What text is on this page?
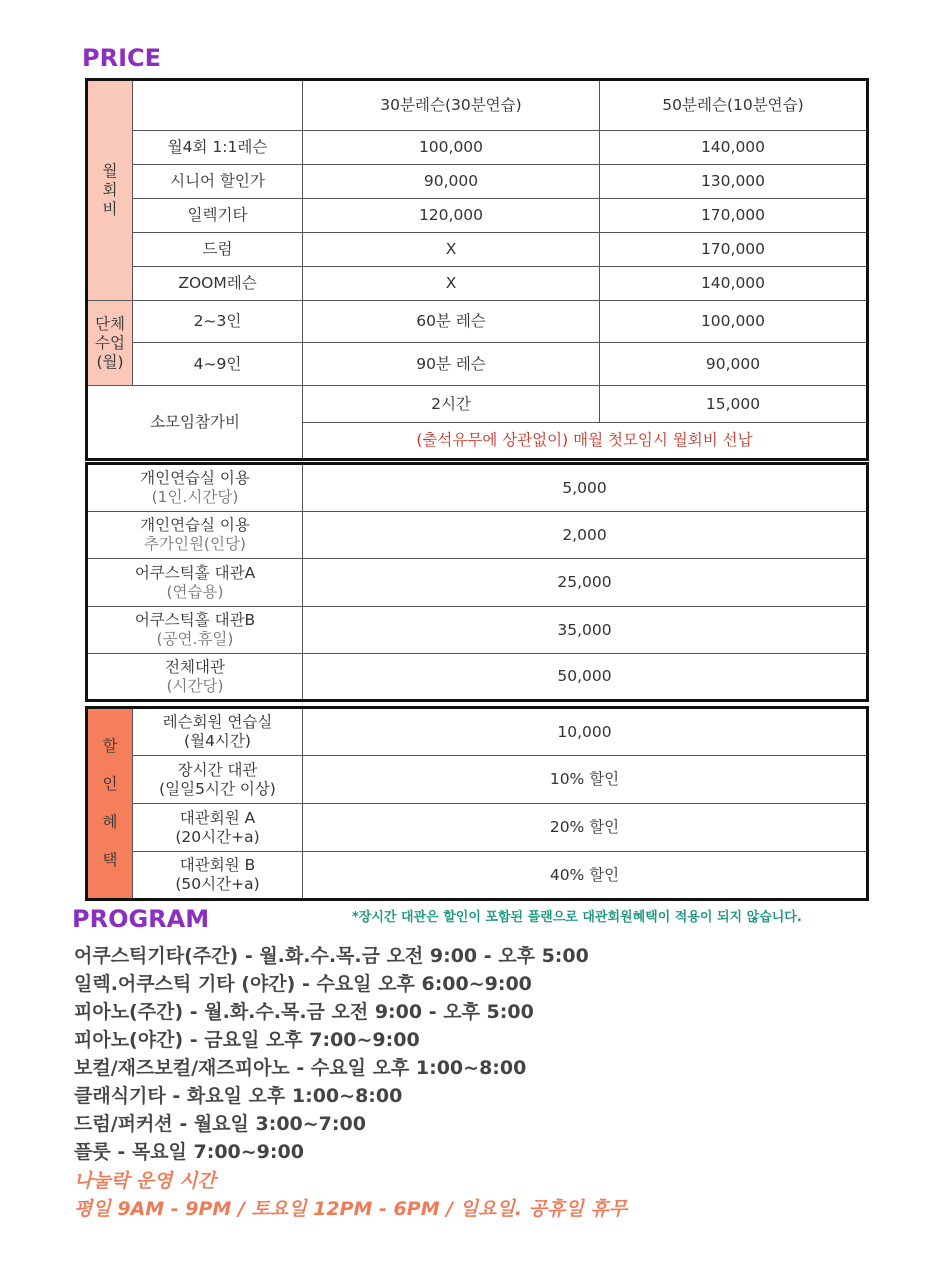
PRICE
월
회
비		30분레슨(30분연습)	50분레슨(10분연습)
	월4회 1:1레슨	100,000	140,000
	시니어 할인가	90,000	130,000
	일렉기타	120,000	170,000
	드럼	X	170,000
	ZOOM레슨	X	140,000
단체
수업
(월)	2~3인	60분 레슨	100,000
	4~9인	90분 레슨	90,000
소모임참가비		2시간	15,000
		(출석유무에 상관없이) 매월 첫모임시 월회비 선납	
개인연습실 이용
(1인.시간당)	5,000
개인연습실 이용
추가인원(인당)	2,000
어쿠스틱홀 대관A
(연습용)	25,000
어쿠스틱홀 대관B
(공연.휴일)	35,000
전체대관
(시간당)	50,000
할

인

혜

택	레슨회원 연습실
(월4시간)	10,000
	장시간 대관
(일일5시간 이상)	10% 할인
	대관회원 A
(20시간+a)	20% 할인
	대관회원 B
(50시간+a)	40% 할인
PROGRAM	*장시간 대관은 할인이 포함된 플랜으로 대관회원혜택이 적용이 되지 않습니다.
어쿠스틱기타(주간) - 월.화.수.목.금 오전 9:00 - 오후 5:00
일렉.어쿠스틱 기타 (야간) - 수요일 오후 6:00~9:00
피아노(주간) - 월.화.수.목.금 오전 9:00 - 오후 5:00
피아노(야간) - 금요일 오후 7:00~9:00
보컬/재즈보컬/재즈피아노 - 수요일 오후 1:00~8:00
클래식기타 - 화요일 오후 1:00~8:00
드럼/퍼커션 - 월요일 3:00~7:00
플룻 - 목요일 7:00~9:00
나눌락 운영 시간
평일 9AM - 9PM / 토요일 12PM - 6PM / 일요일. 공휴일 휴무
